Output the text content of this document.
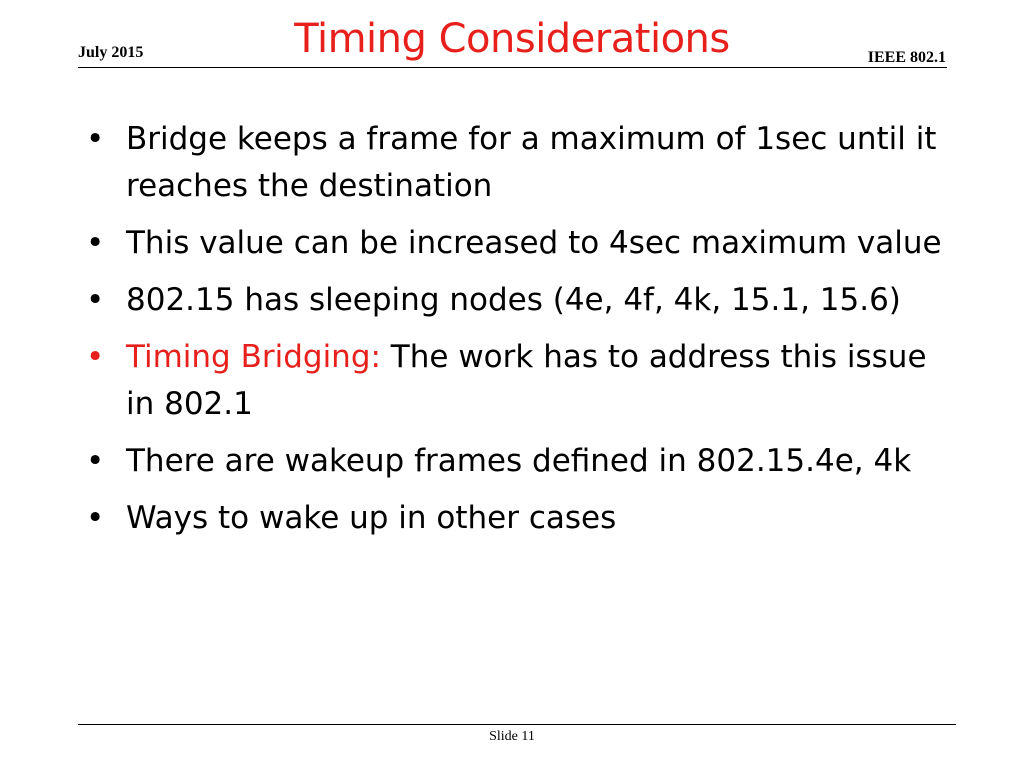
July 2015	Timing Considerations	IEEE 802.1
• Bridge keeps a frame for a maximum of 1sec until it reaches the destination
• This value can be increased to 4sec maximum value
• 802.15 has sleeping nodes (4e, 4f, 4k, 15.1, 15.6)
• Timing Bridging: The work has to address this issue in 802.1
• There are wakeup frames defined in 802.15.4e, 4k
• Ways to wake up in other cases
Slide 11
